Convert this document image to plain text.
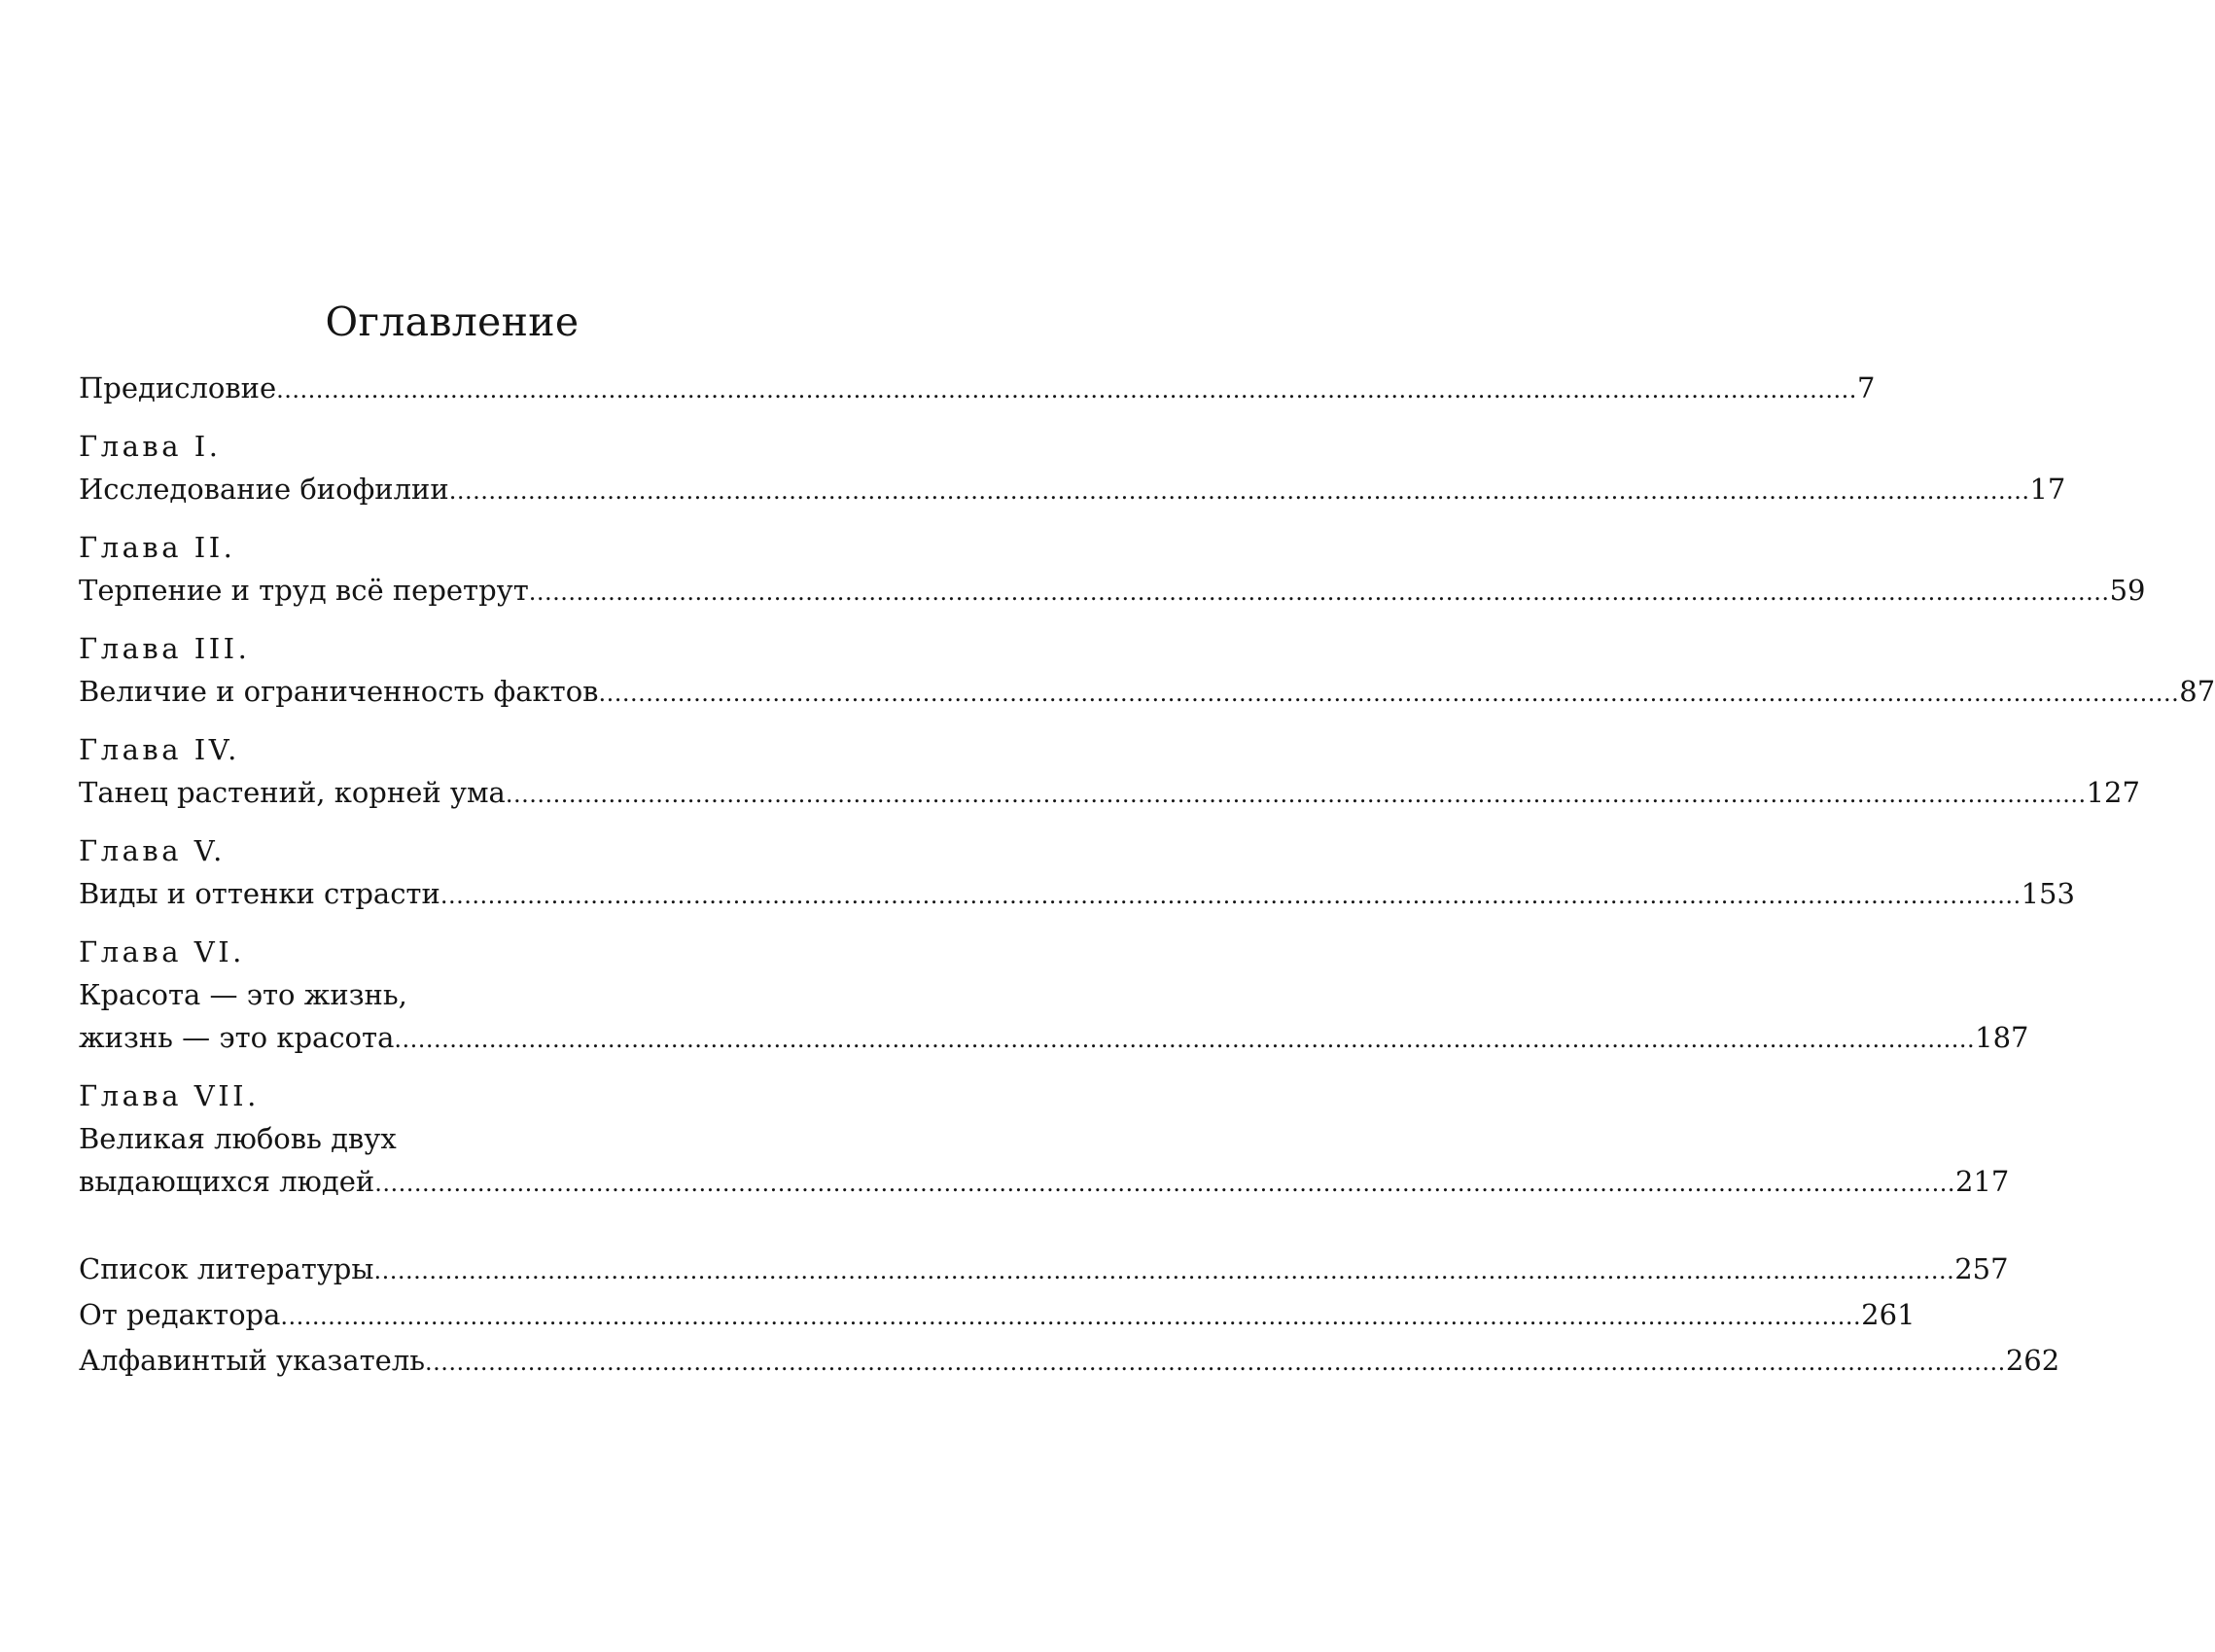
Оглавление
Предисловие ........................................................................................................................................................................................................ 7
Глава I.
Исследование биофилии ........................................................................................................................................................................................................ 17
Глава II.
Терпение и труд всё перетрут ........................................................................................................................................................................................................ 59
Глава III.
Величие и ограниченность фактов ........................................................................................................................................................................................................ 87
Глава IV.
Танец растений, корней ума ........................................................................................................................................................................................................ 127
Глава V.
Виды и оттенки страсти ........................................................................................................................................................................................................ 153
Глава VI.
Красота — это жизнь,
жизнь — это красота ........................................................................................................................................................................................................ 187
Глава VII.
Великая любовь двух
выдающихся людей ........................................................................................................................................................................................................ 217
Список литературы ........................................................................................................................................................................................................ 257
От редактора ........................................................................................................................................................................................................ 261
Алфавинтый указатель ........................................................................................................................................................................................................ 262
